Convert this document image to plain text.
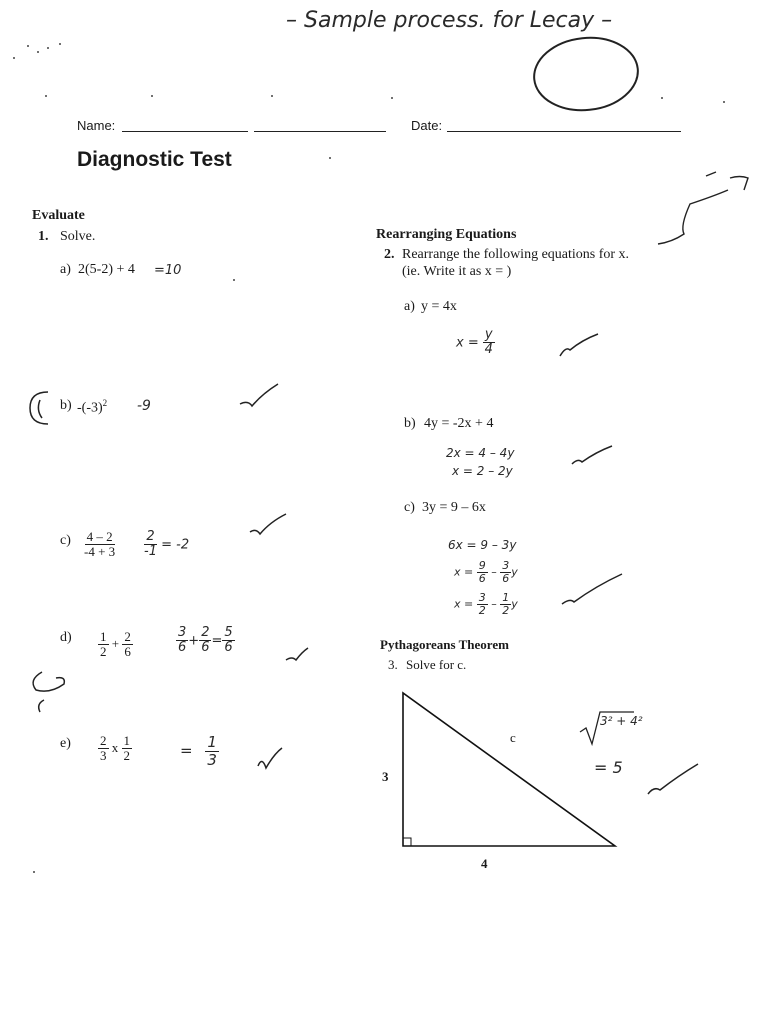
– Sample process. for Lecay –
Name:	Date:
Diagnostic Test
Evaluate
1. Solve.
a) 2(5-2) + 4 =10
b) $-(-3)^2$ -9
$c) \frac{4 - 2}{-4 + 3} \frac{2}{-1} = -2$
$d) \frac{1}{2} + \frac{2}{6}$	$\frac{3}{6} + \frac{2}{6} = \frac{5}{6}$
$e) \frac{2}{3}$ x $\frac{1}{2}$	= $\frac{1}{3}$
Rearranging Equations
2. Rearrange the following equations for x.
(ie. Write it as x = )
a) y = 4x
$x = \frac{y}{4}$
b) 4y = -2x + 4
2x = 4 – 4y
x = 2 – 2y
c) 3y = 9 – 6x
6x = 9 – 3y
$x = \frac{9}{6} - \frac{3}{6}$ y
$x = \frac{3}{2} - \frac{1}{2}$ y
Pythagoreans Theorem
3. Solve for c.
c
3
4
3² + 4²
= 5
